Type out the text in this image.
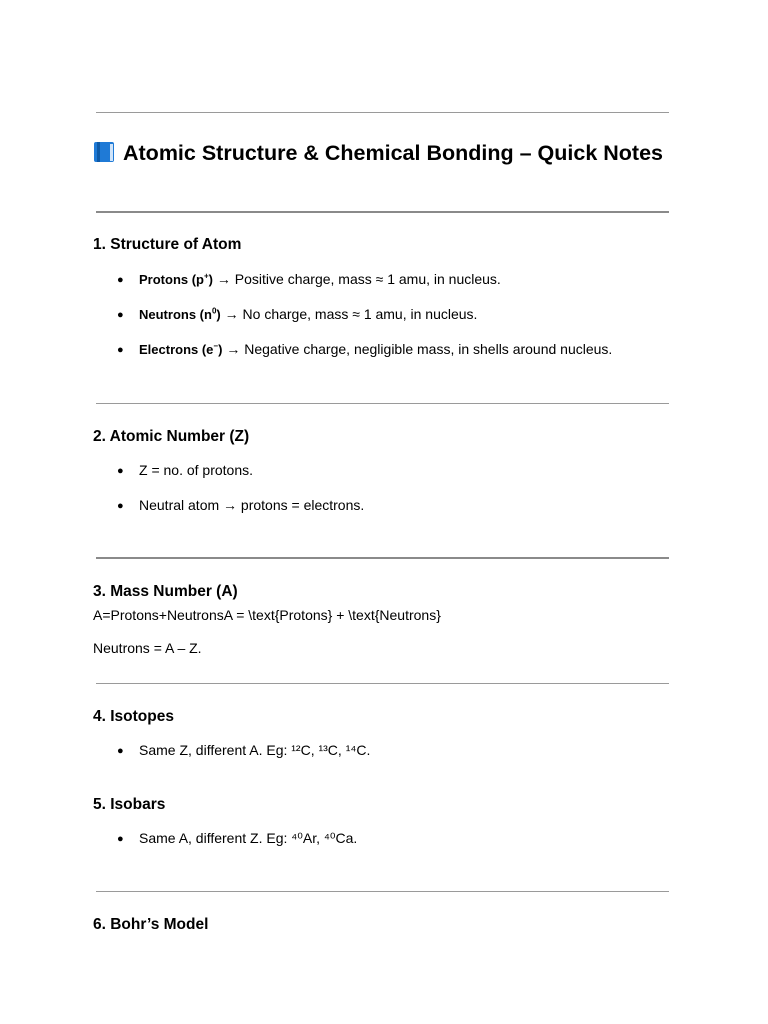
Atomic Structure & Chemical Bonding – Quick Notes
1. Structure of Atom

● Protons (p+) → Positive charge, mass ≈ 1 amu, in nucleus.

● Neutrons $(n^0) \to No$ charge, mass ≈ 1 amu, in nucleus.

● Electrons (e−) → Negative charge, negligible mass, in shells around nucleus.

2. Atomic Number (Z)

● Z = no. of protons.

● Neutral atom → protons = electrons.

3. Mass Number (A)

A=Protons+NeutronsA = \text{Protons} + \text{Neutrons}

Neutrons = A – Z.

4. Isotopes

● Same Z, different A. Eg: ¹²C, ¹³C, ¹⁴C.

5. Isobars

● Same A, different Z. Eg: ⁴⁰Ar, ⁴⁰Ca.

6. Bohr’s Model
